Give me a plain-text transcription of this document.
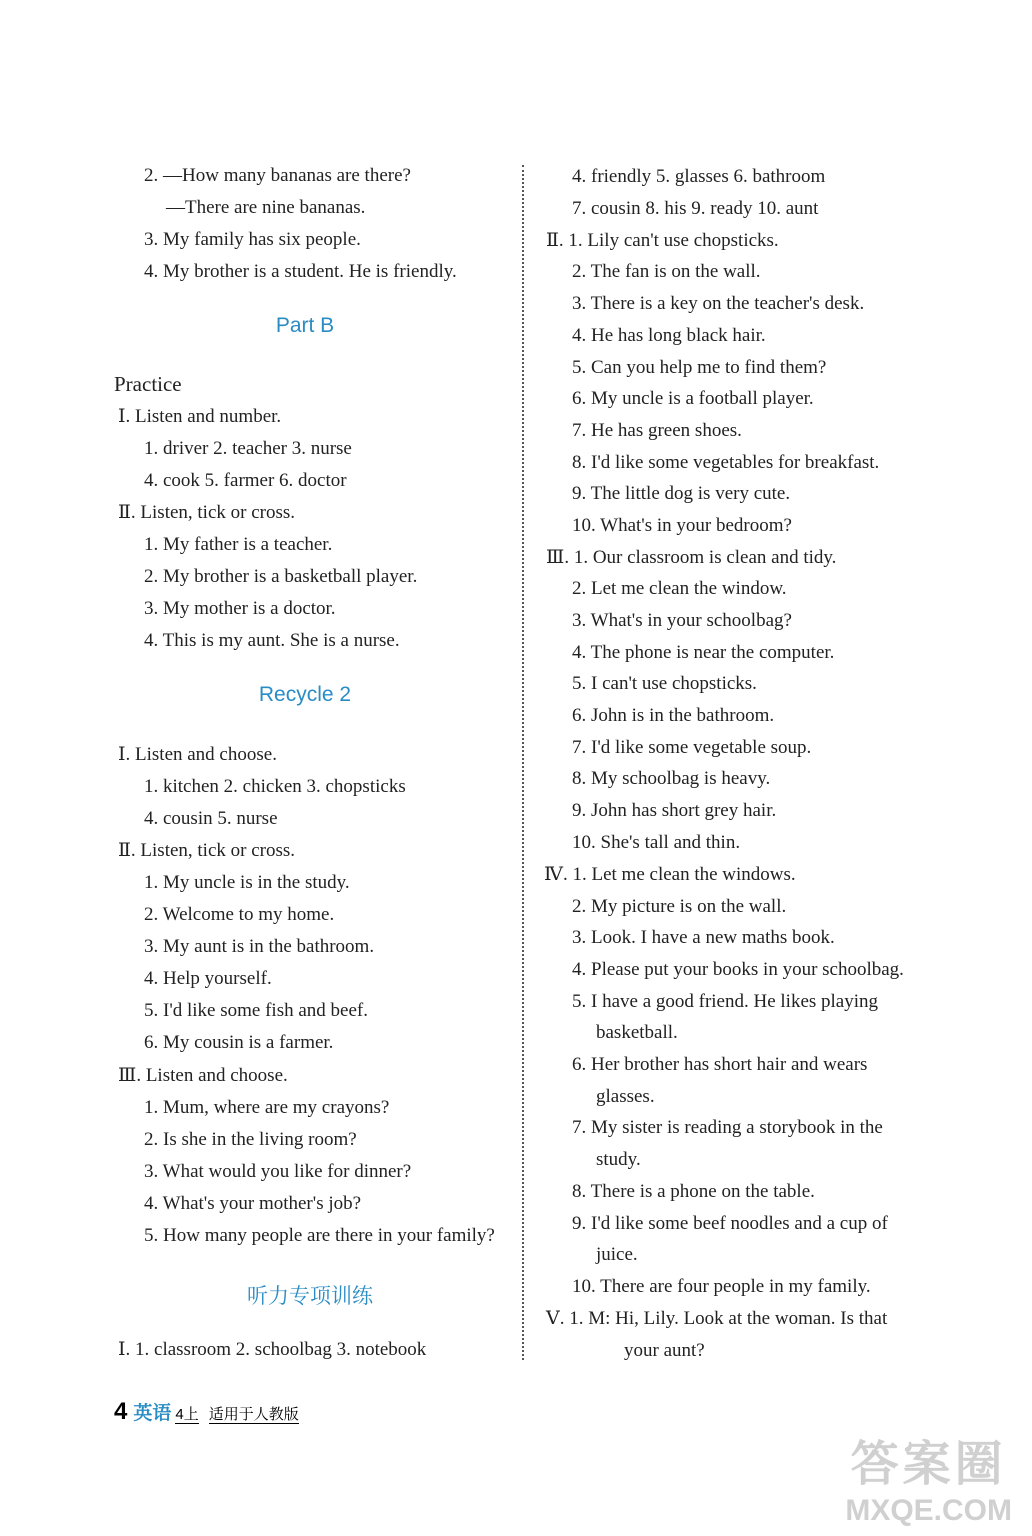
2. —How many bananas are there?
—There are nine bananas.
3. My family has six people.
4. My brother is a student. He is friendly.
Part B
Practice
Ⅰ. Listen and number.
1. driver 2. teacher 3. nurse
4. cook 5. farmer 6. doctor
Ⅱ. Listen, tick or cross.
1. My father is a teacher.
2. My brother is a basketball player.
3. My mother is a doctor.
4. This is my aunt. She is a nurse.
Recycle 2
Ⅰ. Listen and choose.
1. kitchen 2. chicken 3. chopsticks
4. cousin 5. nurse
Ⅱ. Listen, tick or cross.
1. My uncle is in the study.
2. Welcome to my home.
3. My aunt is in the bathroom.
4. Help yourself.
5. I'd like some fish and beef.
6. My cousin is a farmer.
Ⅲ. Listen and choose.
1. Mum, where are my crayons?
2. Is she in the living room?
3. What would you like for dinner?
4. What's your mother's job?
5. How many people are there in your family?
听力专项训练
Ⅰ. 1. classroom 2. schoolbag 3. notebook
4. friendly 5. glasses 6. bathroom
7. cousin 8. his 9. ready 10. aunt
Ⅱ. 1. Lily can't use chopsticks.
2. The fan is on the wall.
3. There is a key on the teacher's desk.
4. He has long black hair.
5. Can you help me to find them?
6. My uncle is a football player.
7. He has green shoes.
8. I'd like some vegetables for breakfast.
9. The little dog is very cute.
10. What's in your bedroom?
Ⅲ. 1. Our classroom is clean and tidy.
2. Let me clean the window.
3. What's in your schoolbag?
4. The phone is near the computer.
5. I can't use chopsticks.
6. John is in the bathroom.
7. I'd like some vegetable soup.
8. My schoolbag is heavy.
9. John has short grey hair.
10. She's tall and thin.
Ⅳ. 1. Let me clean the windows.
2. My picture is on the wall.
3. Look. I have a new maths book.
4. Please put your books in your schoolbag.
5. I have a good friend. He likes playing
basketball.
6. Her brother has short hair and wears
glasses.
7. My sister is reading a storybook in the
study.
8. There is a phone on the table.
9. I'd like some beef noodles and a cup of
juice.
10. There are four people in my family.
Ⅴ. 1. M: Hi, Lily. Look at the woman. Is that
your aunt?
4 英语 4上 适用于人教版
答案圈
MXQE.COM
